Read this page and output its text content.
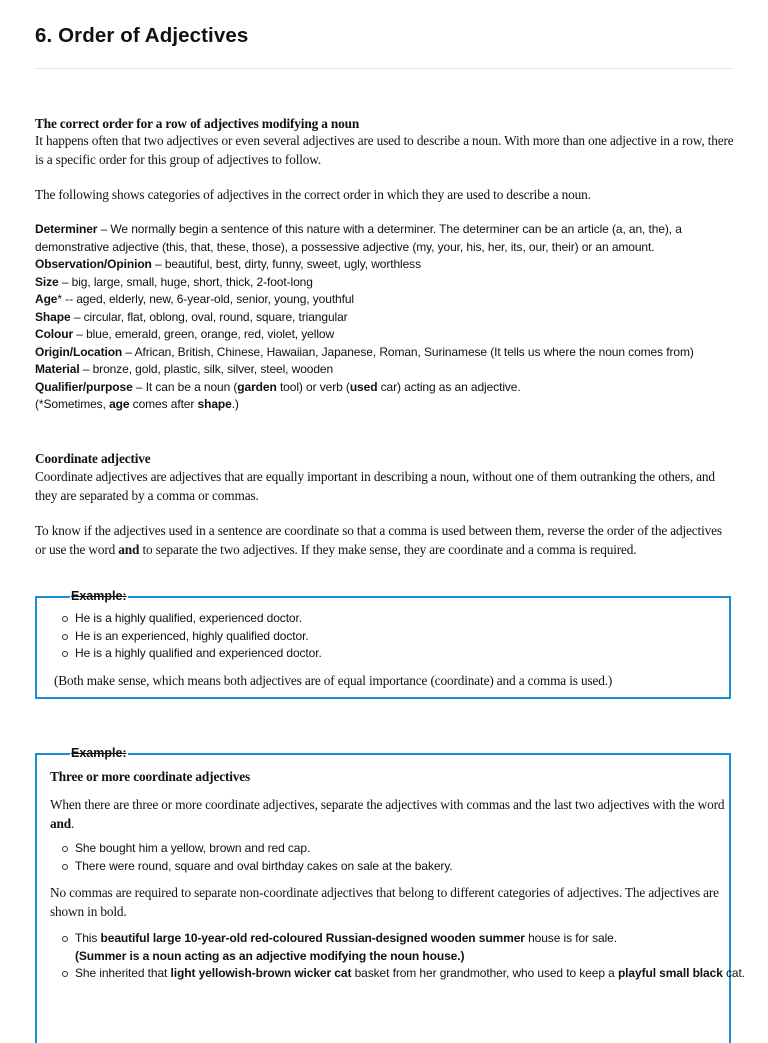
6. Order of Adjectives
The correct order for a row of adjectives modifying a noun
It happens often that two adjectives or even several adjectives are used to describe a noun. With more than one adjective in a row, there is a specific order for this group of adjectives to follow.
The following shows categories of adjectives in the correct order in which they are used to describe a noun.
Determiner – We normally begin a sentence of this nature with a determiner. The determiner can be an article (a, an, the), a demonstrative adjective (this, that, these, those), a possessive adjective (my, your, his, her, its, our, their) or an amount.
Observation/Opinion – beautiful, best, dirty, funny, sweet, ugly, worthless
Size – big, large, small, huge, short, thick, 2-foot-long
Age* -- aged, elderly, new, 6-year-old, senior, young, youthful
Shape – circular, flat, oblong, oval, round, square, triangular
Colour – blue, emerald, green, orange, red, violet, yellow
Origin/Location – African, British, Chinese, Hawaiian, Japanese, Roman, Surinamese (It tells us where the noun comes from)
Material – bronze, gold, plastic, silk, silver, steel, wooden
Qualifier/purpose – It can be a noun (garden tool) or verb (used car) acting as an adjective.
(*Sometimes, age comes after shape.)
Coordinate adjective
Coordinate adjectives are adjectives that are equally important in describing a noun, without one of them outranking the others, and they are separated by a comma or commas.
To know if the adjectives used in a sentence are coordinate so that a comma is used between them, reverse the order of the adjectives or use the word and to separate the two adjectives. If they make sense, they are coordinate and a comma is required.
Example:
He is a highly qualified, experienced doctor.
He is an experienced, highly qualified doctor.
He is a highly qualified and experienced doctor.
(Both make sense, which means both adjectives are of equal importance (coordinate) and a comma is used.)
Example:
Three or more coordinate adjectives
When there are three or more coordinate adjectives, separate the adjectives with commas and the last two adjectives with the word and.
She bought him a yellow, brown and red cap.
There were round, square and oval birthday cakes on sale at the bakery.
No commas are required to separate non-coordinate adjectives that belong to different categories of adjectives. The adjectives are shown in bold.
This beautiful large 10-year-old red-coloured Russian-designed wooden summer house is for sale.
(Summer is a noun acting as an adjective modifying the noun house.)
She inherited that light yellowish-brown wicker cat basket from her grandmother, who used to keep a playful small black cat.
